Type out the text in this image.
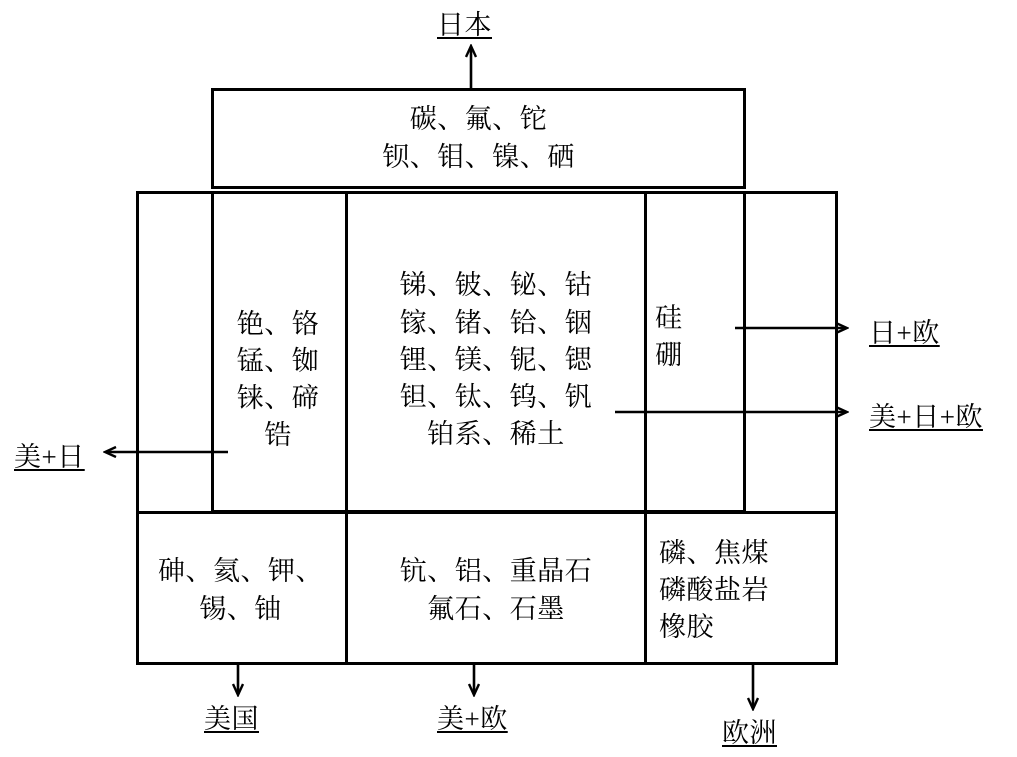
碳、氟、铊
钡、钼、镍、硒
铯、铬
锰、铷
铼、碲
锆
锑、铍、铋、钴
镓、锗、铪、铟
锂、镁、铌、锶
钽、钛、钨、钒
铂系、稀土
硅
硼
砷、氦、钾、
锡、铀
钪、铝、重晶石
氟石、石墨
磷、焦煤
磷酸盐岩
橡胶
日本
日+欧
美+日+欧
美+日
美国	美+欧	欧洲
